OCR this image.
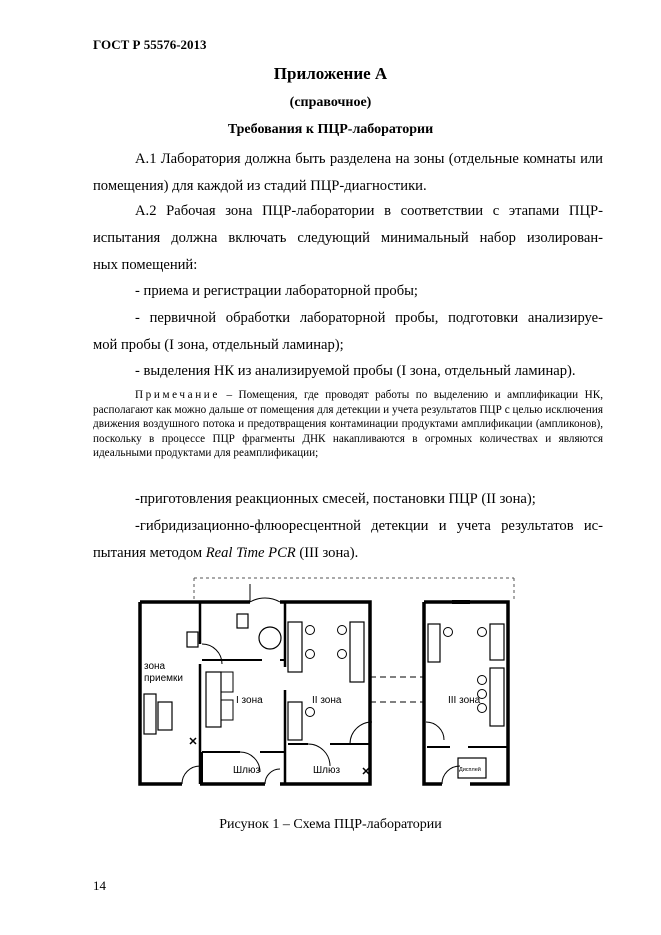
ГОСТ Р 55576-2013
Приложение А
(справочное)
Требования к ПЦР-лаборатории
А.1 Лаборатория должна быть разделена на зоны (отдельные комнаты или помещения) для каждой из стадий ПЦР-диагностики.
А.2 Рабочая зона ПЦР-лаборатории в соответствии с этапами ПЦР-
испытания должна включать следующий минимальный набор изолирован-
ных помещений:
- приема и регистрации лабораторной пробы;
- первичной обработки лабораторной пробы, подготовки анализируе-
мой пробы (I зона, отдельный ламинар);
- выделения НК из анализируемой пробы (I зона, отдельный ламинар).
Примечание – Помещения, где проводят работы по выделению и амплификации НК, располагают как можно дальше от помещения для детекции и учета результатов ПЦР с целью исключения движения воздушного потока и предотвращения контаминации продуктами амплификации (ампликонов), поскольку в процессе ПЦР фрагменты ДНК накапливаются в огромных количествах и являются идеальными продуктами для реамплификации;
-приготовления реакционных смесей, постановки ПЦР (II зона);
-гибридизационно-флюоресцентной детекции и учета результатов ис-
пытания методом Real Time PCR (III зона).
зона
приемки
I зона	II зона	III зона
Шлюз	Шлюз	Дисплей
Рисунок 1 – Схема ПЦР-лаборатории
14
